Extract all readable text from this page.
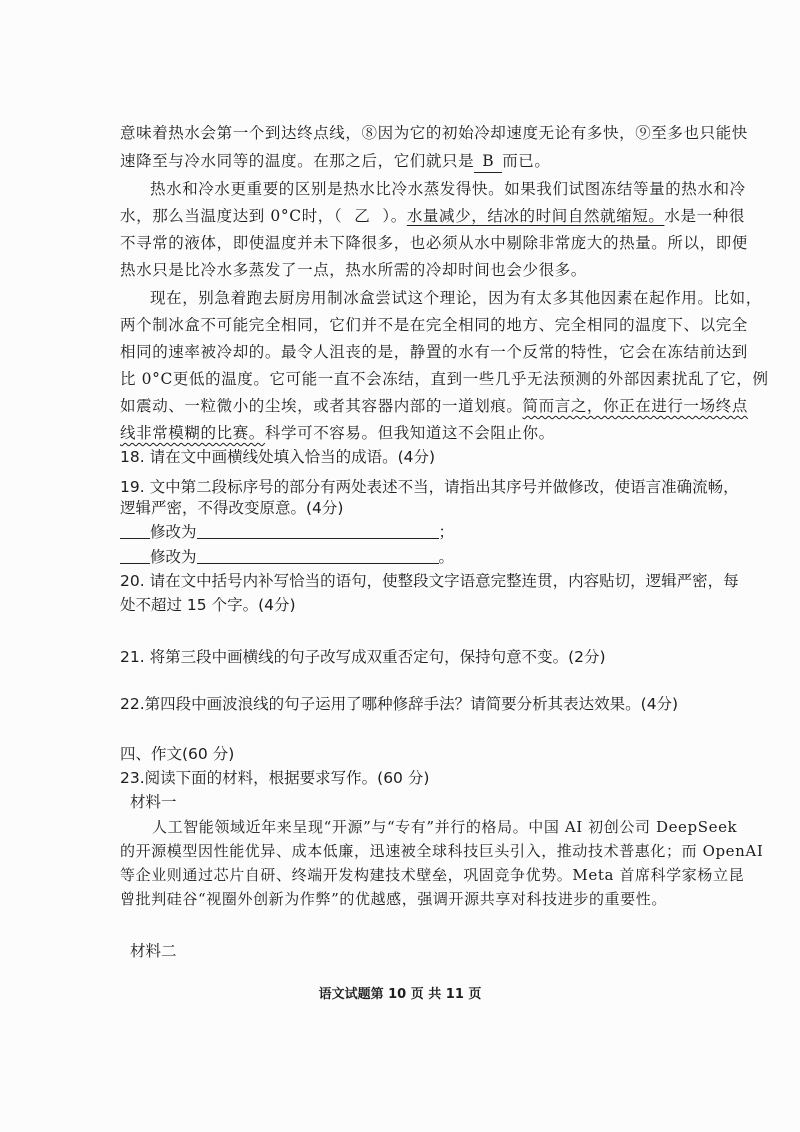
意味着热水会第一个到达终点线，⑧因为它的初始冷却速度无论有多快，⑨至多也只能快
速降至与冷水同等的温度。在那之后，它们就只是 B 而已。
热水和冷水更重要的区别是热水比冷水蒸发得快。如果我们试图冻结等量的热水和冷
水，那么当温度达到 0°C时，（ 乙 ）。水量减少，结冰的时间自然就缩短。水是一种很
不寻常的液体，即使温度并未下降很多，也必须从水中剔除非常庞大的热量。所以，即便
热水只是比冷水多蒸发了一点，热水所需的冷却时间也会少很多。
现在，别急着跑去厨房用制冰盒尝试这个理论，因为有太多其他因素在起作用。比如，
两个制冰盒不可能完全相同，它们并不是在完全相同的地方、完全相同的温度下、以完全
相同的速率被冷却的。最令人沮丧的是，静置的水有一个反常的特性，它会在冻结前达到
比 0°C更低的温度。它可能一直不会冻结，直到一些几乎无法预测的外部因素扰乱了它，例
如震动、一粒微小的尘埃，或者其容器内部的一道划痕。简而言之，你正在进行一场终点
线非常模糊的比赛。科学可不容易。但我知道这不会阻止你。
18. 请在文中画横线处填入恰当的成语。(4分)
19. 文中第二段标序号的部分有两处表述不当，请指出其序号并做修改，使语言准确流畅，
逻辑严密，不得改变原意。(4分)
修改为	；
修改为	。
20. 请在文中括号内补写恰当的语句，使整段文字语意完整连贯，内容贴切，逻辑严密，每
处不超过 15 个字。(4分)
21. 将第三段中画横线的句子改写成双重否定句，保持句意不变。(2分)
22.第四段中画波浪线的句子运用了哪种修辞手法？请简要分析其表达效果。(4分)
四、作文(60 分)
23.阅读下面的材料，根据要求写作。(60 分)
材料一
人工智能领域近年来呈现“开源”与“专有”并行的格局。中国 AI 初创公司 DeepSeek
的开源模型因性能优异、成本低廉，迅速被全球科技巨头引入，推动技术普惠化；而 OpenAI
等企业则通过芯片自研、终端开发构建技术壁垒，巩固竞争优势。Meta 首席科学家杨立昆
曾批判硅谷“视圈外创新为作弊”的优越感，强调开源共享对科技进步的重要性。
材料二
语文试题第 10 页 共 11 页
